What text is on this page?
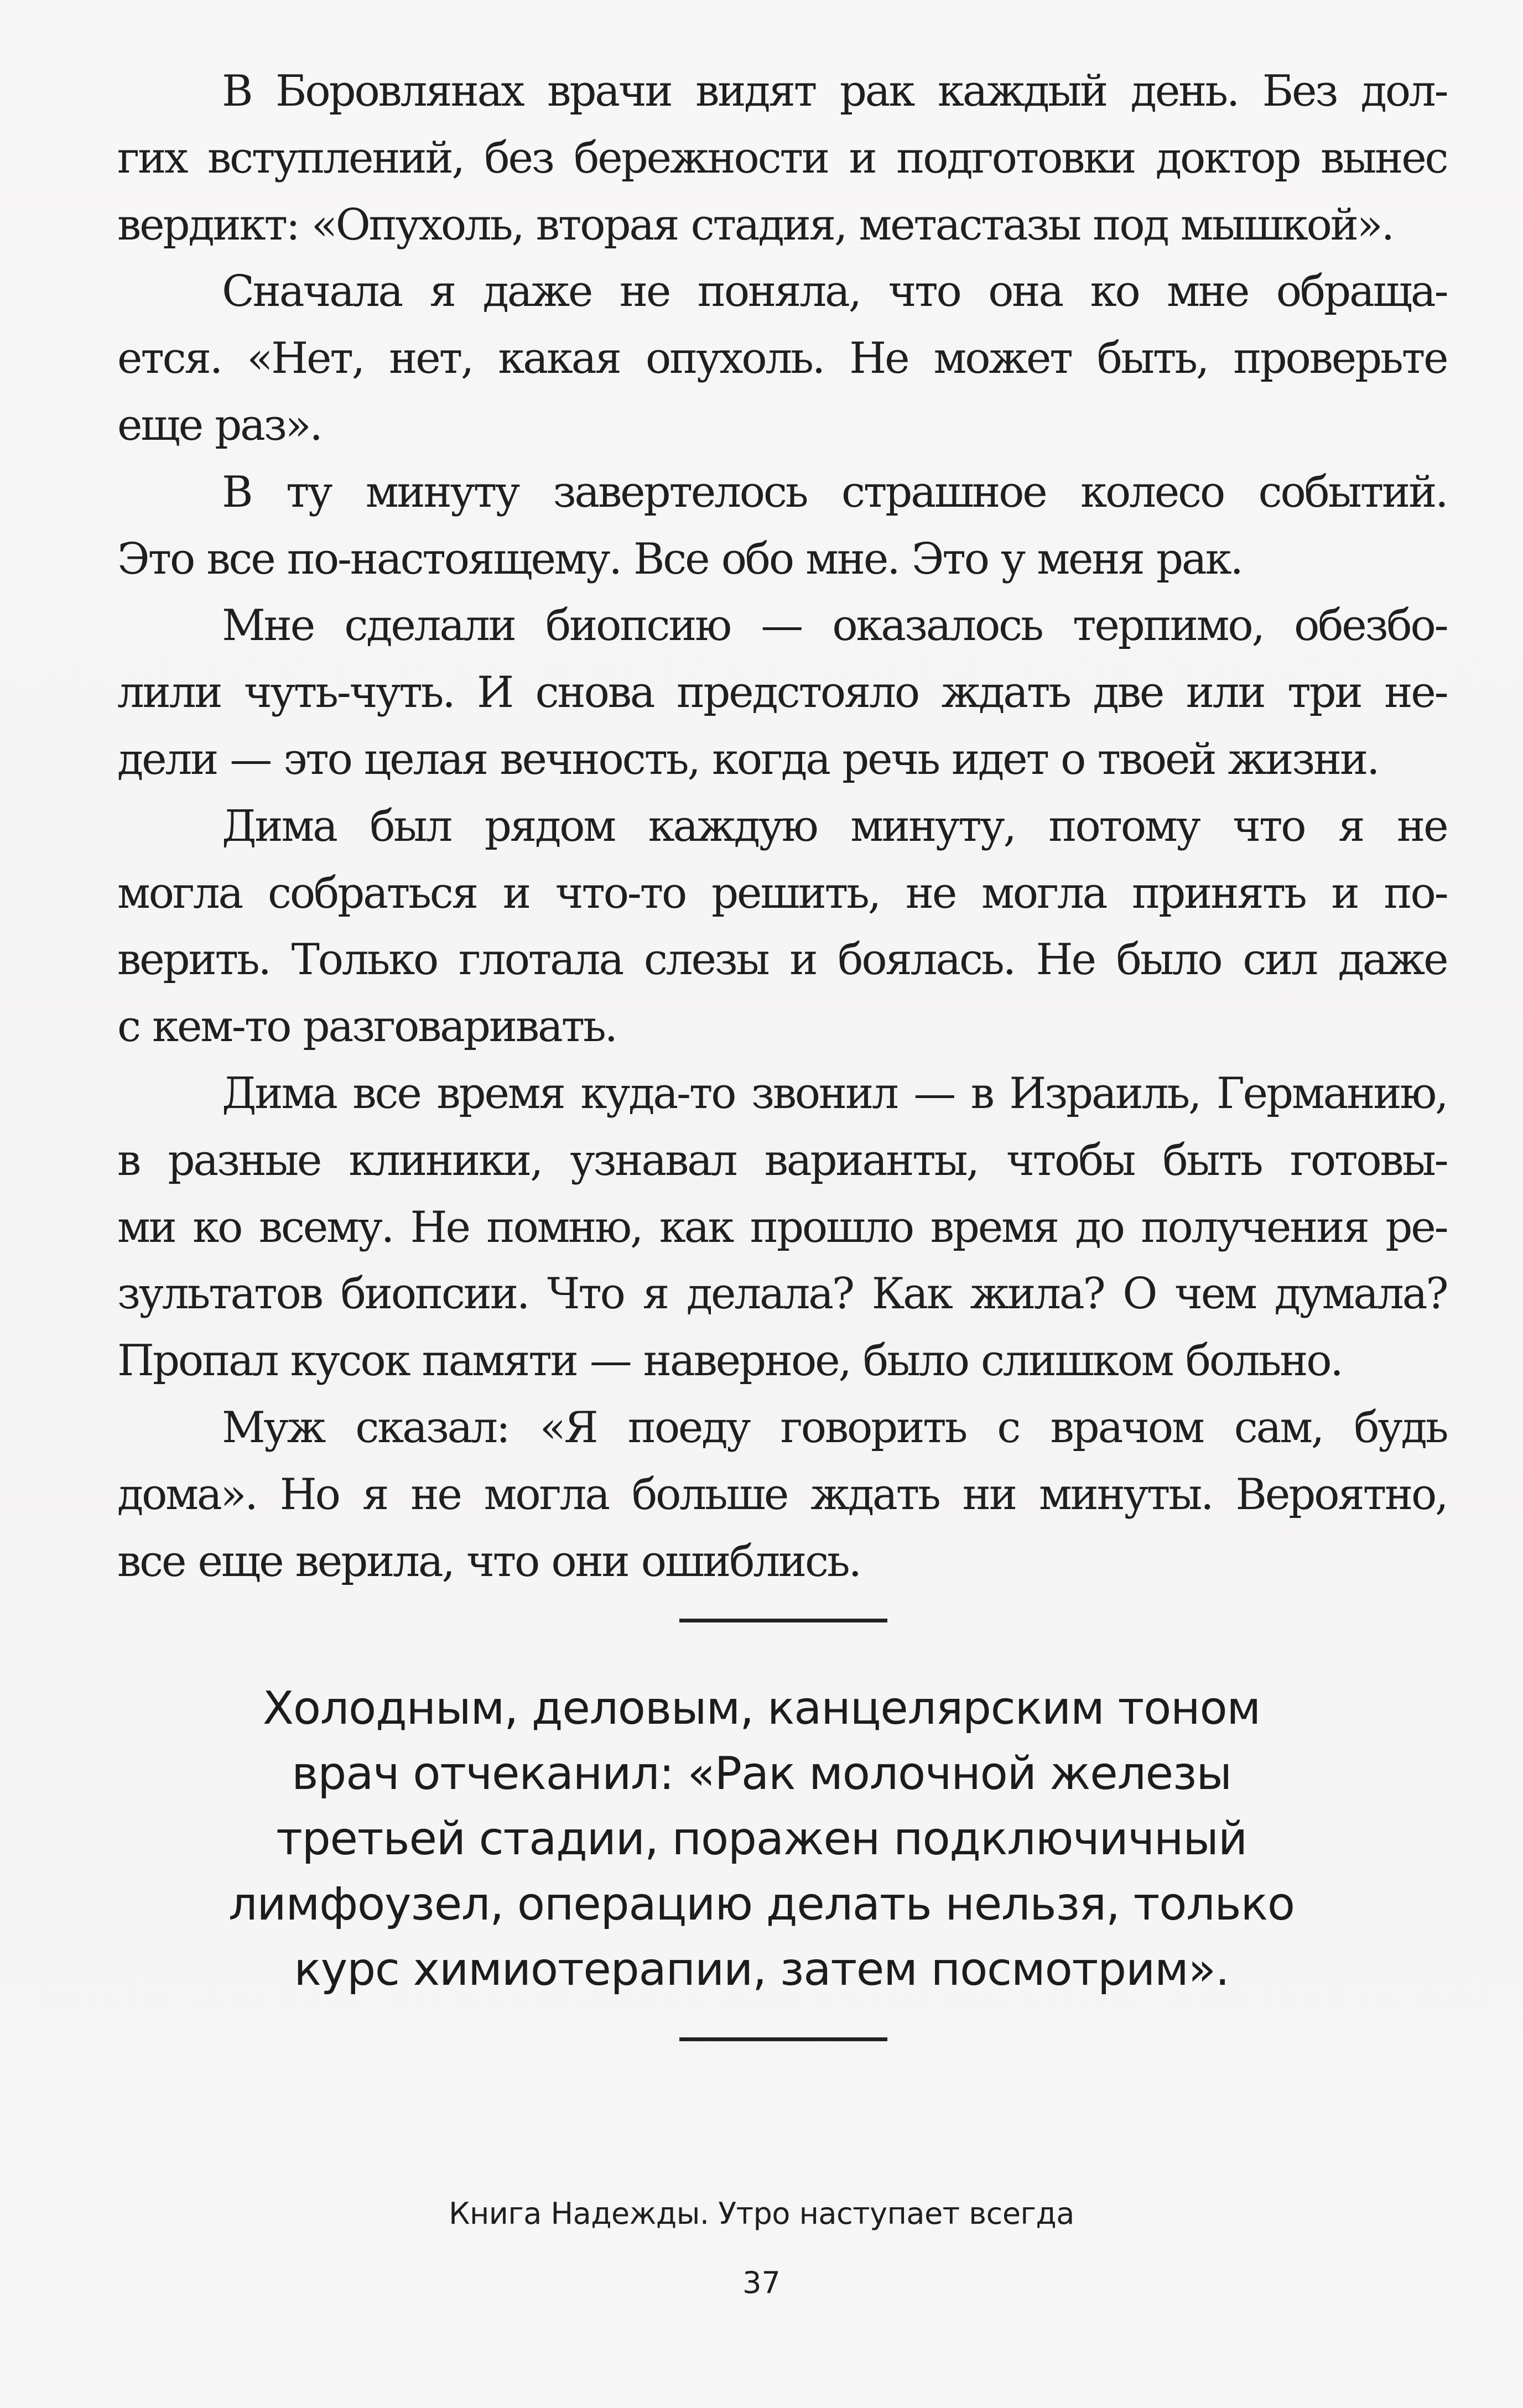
В Боровлянах врачи видят рак каждый день. Без дол-
гих вступлений, без бережности и подготовки доктор вынес
вердикт: «Опухоль, вторая стадия, метастазы под мышкой».
Сначала я даже не поняла, что она ко мне обраща-
ется. «Нет, нет, какая опухоль. Не может быть, проверьте
еще раз».
В ту минуту завертелось страшное колесо событий.
Это все по-настоящему. Все обо мне. Это у меня рак.
Мне сделали биопсию — оказалось терпимо, обезбо-
лили чуть-чуть. И снова предстояло ждать две или три не-
дели — это целая вечность, когда речь идет о твоей жизни.
Дима был рядом каждую минуту, потому что я не
могла собраться и что-то решить, не могла принять и по-
верить. Только глотала слезы и боялась. Не было сил даже
с кем-то разговаривать.
Дима все время куда-то звонил — в Израиль, Германию,
в разные клиники, узнавал варианты, чтобы быть готовы-
ми ко всему. Не помню, как прошло время до получения ре-
зультатов биопсии. Что я делала? Как жила? О чем думала?
Пропал кусок памяти — наверное, было слишком больно.
Муж сказал: «Я поеду говорить с врачом сам, будь
дома». Но я не могла больше ждать ни минуты. Вероятно,
все еще верила, что они ошиблись.
Холодным, деловым, канцелярским тоном
врач отчеканил: «Рак молочной железы
третьей стадии, поражен подключичный
лимфоузел, операцию делать нельзя, только
курс химиотерапии, затем посмотрим».
Книга Надежды. Утро наступает всегда
37
